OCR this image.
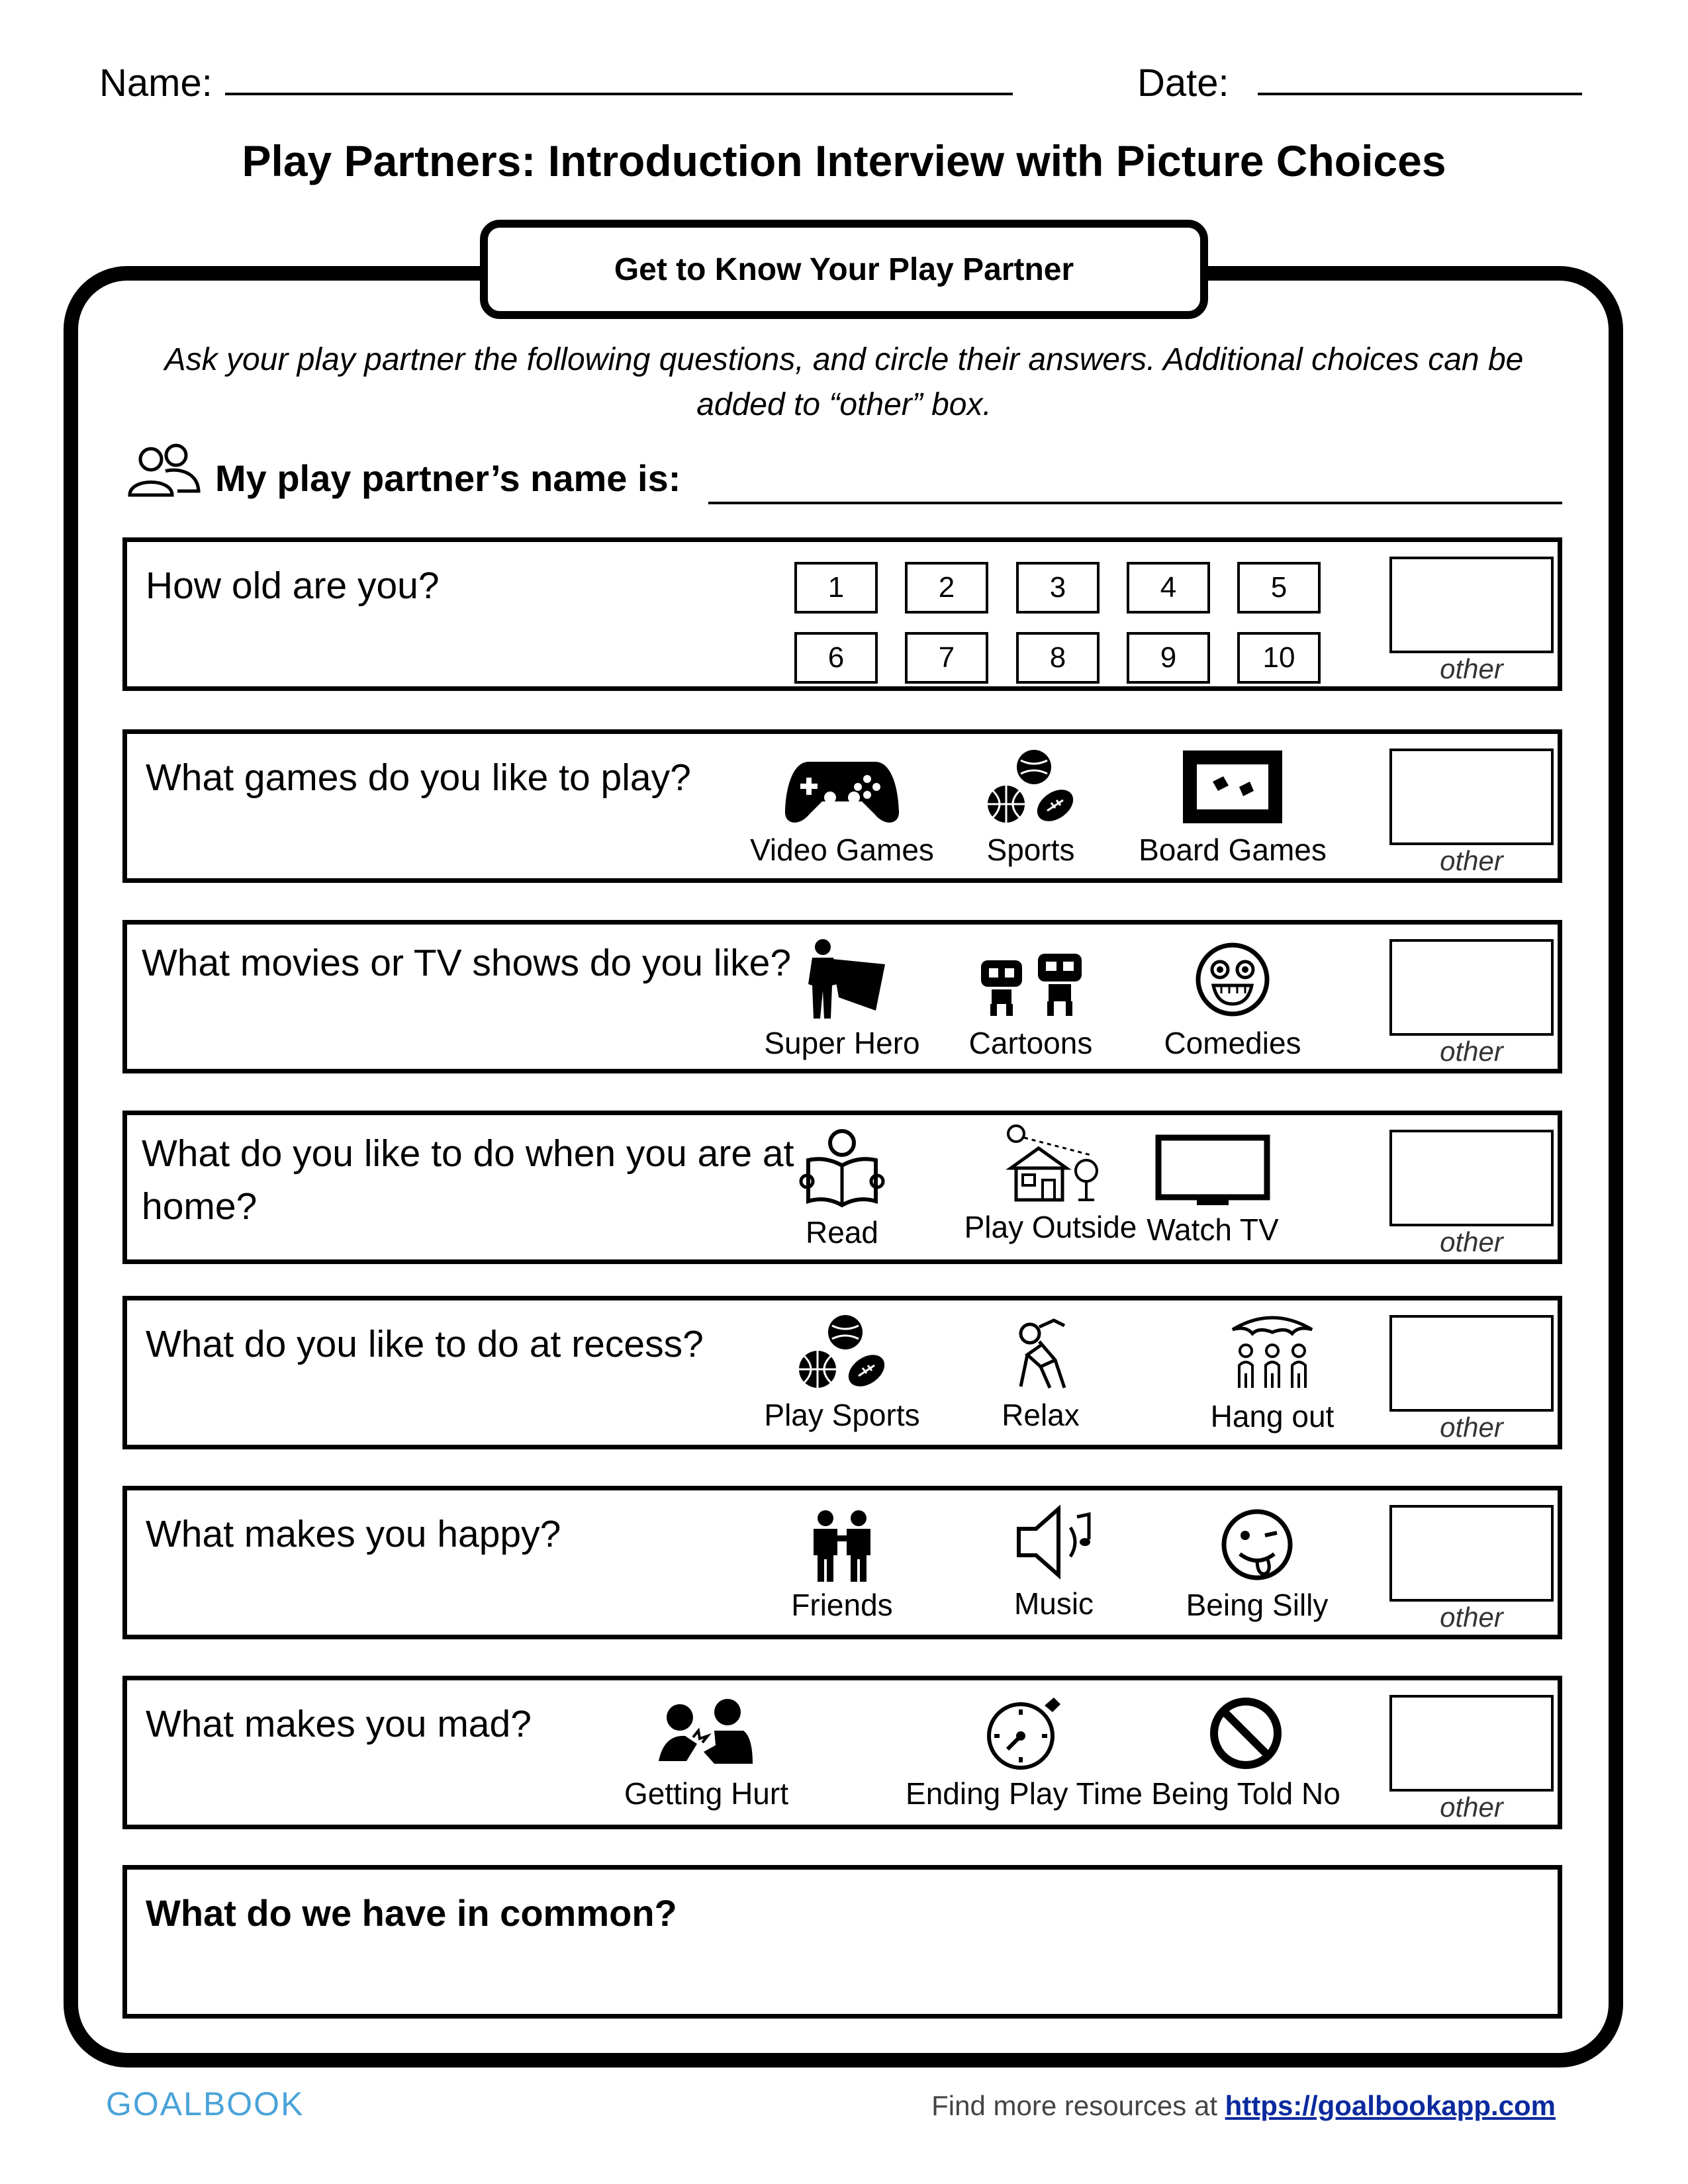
Name:	Date:
Play Partners: Introduction Interview with Picture Choices
Get to Know Your Play Partner
Ask your play partner the following questions, and circle their answers. Additional choices can be added to “other” box.
My play partner’s name is:
How old are you?	1	2	3	4	5
6	7	8	9	10	other
What games do you like to play?
Video Games	Sports	Board Games	other
What movies or TV shows do you like?
Super Hero	Cartoons	Comedies	other
What do you like to do when you are at home?
Read	Play Outside Watch TV	other
What do you like to do at recess?
Play Sports	Relax	Hang out	other
What makes you happy?
Friends	Music	Being Silly	other
What makes you mad?
Getting Hurt	Ending Play Time Being Told No	other
What do we have in common?
GOALBOOK	Find more resources at https://goalbookapp.com
